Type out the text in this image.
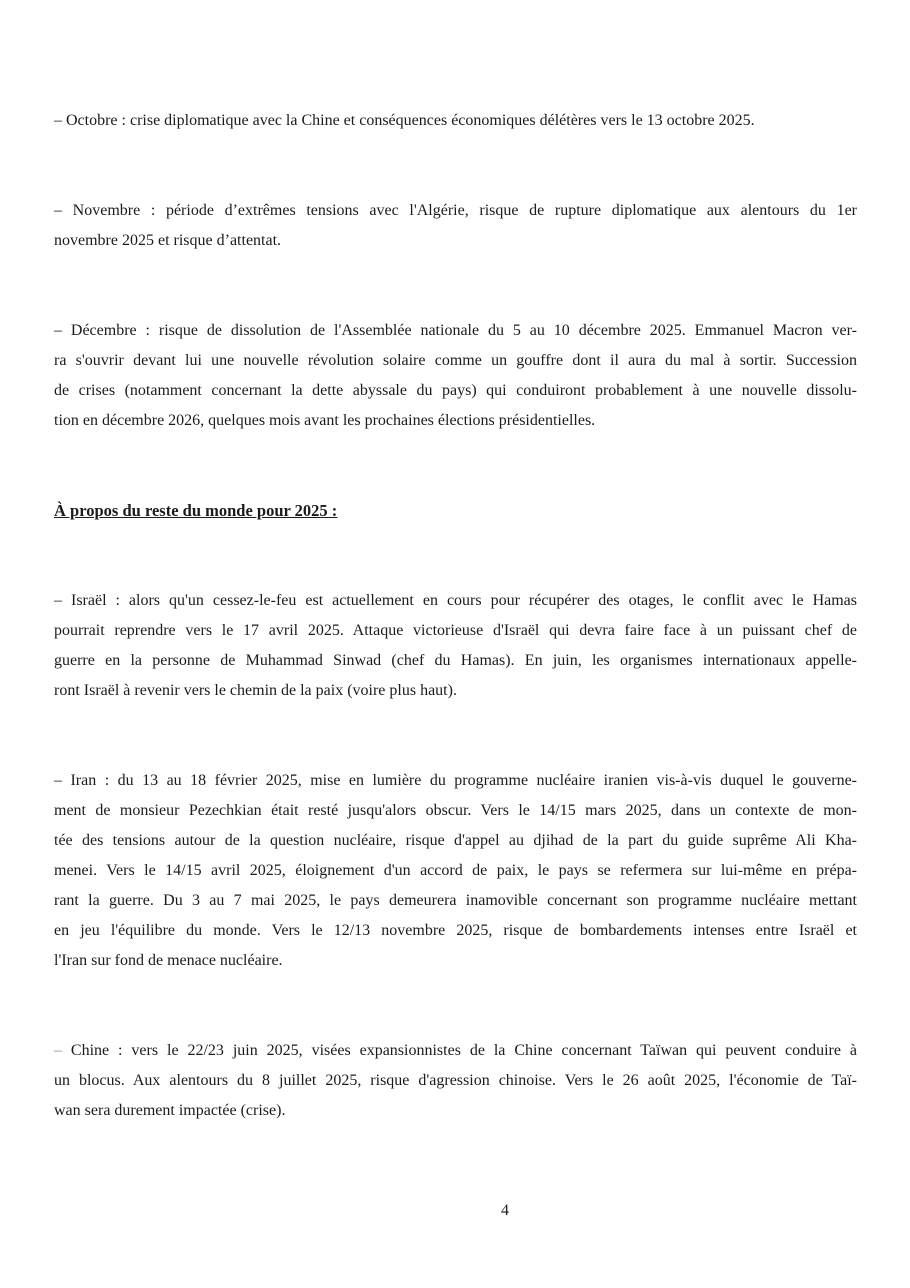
– Octobre : crise diplomatique avec la Chine et conséquences économiques délétères vers le 13 octobre 2025.
– Novembre : période d’extrêmes tensions avec l'Algérie, risque de rupture diplomatique aux alentours du 1er
novembre 2025 et risque d’attentat.
– Décembre : risque de dissolution de l'Assemblée nationale du 5 au 10 décembre 2025. Emmanuel Macron ver-
ra s'ouvrir devant lui une nouvelle révolution solaire comme un gouffre dont il aura du mal à sortir. Succession
de crises (notamment concernant la dette abyssale du pays) qui conduiront probablement à une nouvelle dissolu-
tion en décembre 2026, quelques mois avant les prochaines élections présidentielles.
À propos du reste du monde pour 2025 :
– Israël : alors qu'un cessez-le-feu est actuellement en cours pour récupérer des otages, le conflit avec le Hamas
pourrait reprendre vers le 17 avril 2025. Attaque victorieuse d'Israël qui devra faire face à un puissant chef de
guerre en la personne de Muhammad Sinwad (chef du Hamas). En juin, les organismes internationaux appelle-
ront Israël à revenir vers le chemin de la paix (voire plus haut).
– Iran : du 13 au 18 février 2025, mise en lumière du programme nucléaire iranien vis-à-vis duquel le gouverne-
ment de monsieur Pezechkian était resté jusqu'alors obscur. Vers le 14/15 mars 2025, dans un contexte de mon-
tée des tensions autour de la question nucléaire, risque d'appel au djihad de la part du guide suprême Ali Kha-
menei. Vers le 14/15 avril 2025, éloignement d'un accord de paix, le pays se refermera sur lui-même en prépa-
rant la guerre. Du 3 au 7 mai 2025, le pays demeurera inamovible concernant son programme nucléaire mettant
en jeu l'équilibre du monde. Vers le 12/13 novembre 2025, risque de bombardements intenses entre Israël et
l'Iran sur fond de menace nucléaire.
– Chine : vers le 22/23 juin 2025, visées expansionnistes de la Chine concernant Taïwan qui peuvent conduire à
un blocus. Aux alentours du 8 juillet 2025, risque d'agression chinoise. Vers le 26 août 2025, l'économie de Taï-
wan sera durement impactée (crise).
4
